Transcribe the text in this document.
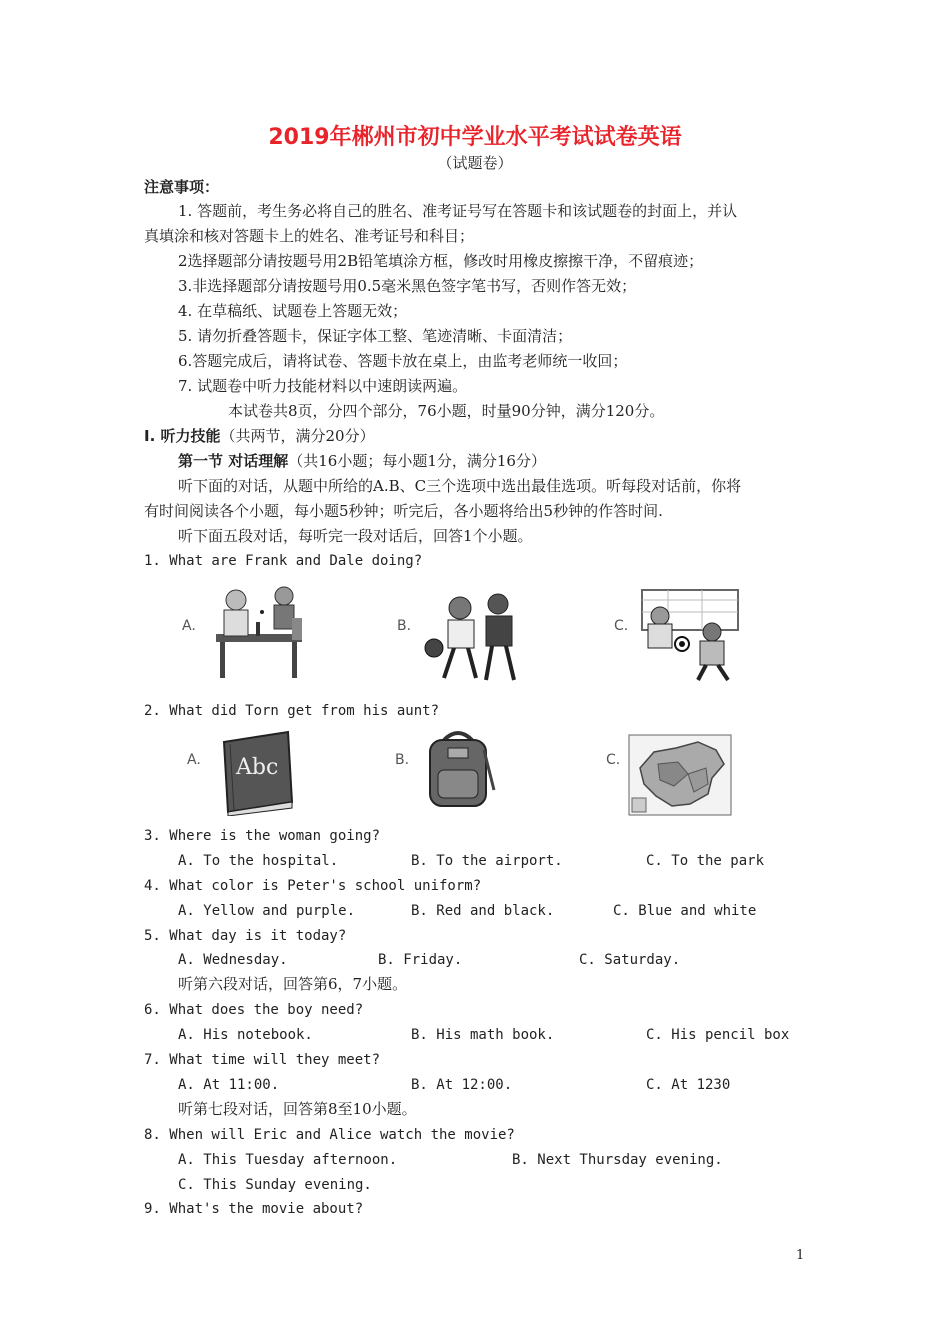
2019年郴州市初中学业水平考试试卷英语
（试题卷）
注意事项：
1. 答题前，考生务必将自己的胜名、准考证号写在答题卡和该试题卷的封面上，并认
真填涂和核对答题卡上的姓名、准考证号和科目；
2选择题部分请按题号用2B铅笔填涂方框，修改时用橡皮擦擦干净，不留痕迹；
3.非选择题部分请按题号用0.5毫米黑色签字笔书写，否则作答无效；
4. 在草稿纸、试题卷上答题无效；
5. 请勿折叠答题卡，保证字体工整、笔迹清晰、卡面清洁；
6.答题完成后，请将试卷、答题卡放在桌上，由监考老师统一收回；
7. 试题卷中听力技能材料以中速朗读两遍。
本试卷共8页，分四个部分，76小题，时量90分钟，满分120分。
I. 听力技能（共两节，满分20分）
第一节 对话理解（共16小题；每小题1分，满分16分）
听下面的对话，从题中所给的A.B、C三个选项中选出最佳选项。听每段对话前，你将
有时间阅读各个小题，每小题5秒钟；听完后，各小题将给出5秒钟的作答时间.
听下面五段对话，每听完一段对话后，回答1个小题。
1. What are Frank and Dale doing?
A.	B.	C.
2. What did Torn get from his aunt?
A. Abc	B.	C.
3. Where is the woman going?
A. To the hospital.	B. To the airport.	C. To the park
4. What color is Peter's school uniform?
A. Yellow and purple.	B. Red and black.	C. Blue and white
5. What day is it today?
A. Wednesday.	B. Friday.	C. Saturday.
听第六段对话，回答第6，7小题。
6. What does the boy need?
A. His notebook.	B. His math book.	C. His pencil box
7. What time will they meet?
A. At 11:00.	B. At 12:00.	C. At 1230
听第七段对话，回答第8至10小题。
8. When will Eric and Alice watch the movie?
A. This Tuesday afternoon.	B. Next Thursday evening.
C. This Sunday evening.
9. What's the movie about?
1
